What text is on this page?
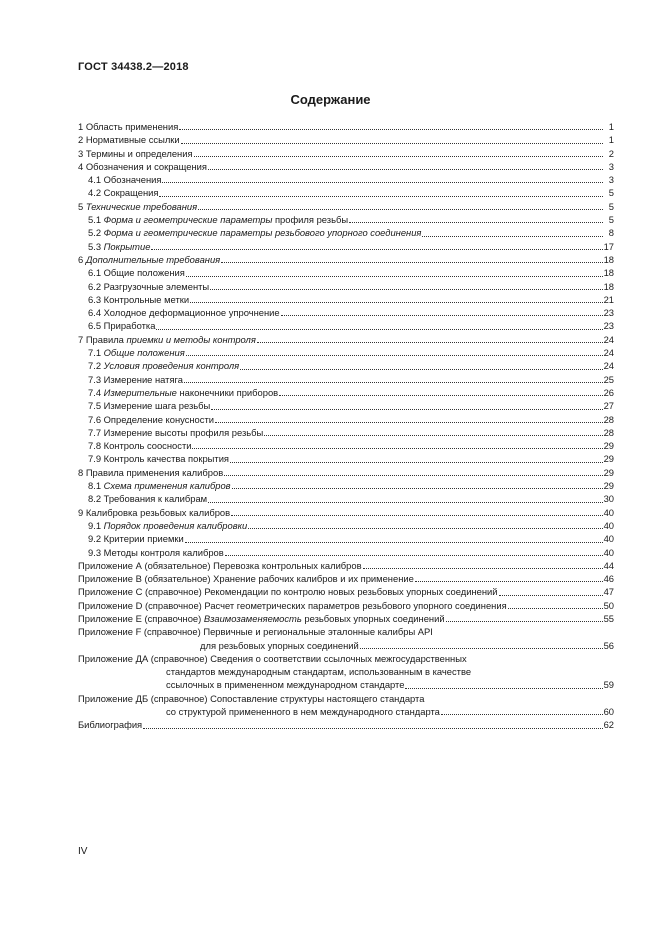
ГОСТ 34438.2—2018
Содержание
1 Область применения	1
2 Нормативные ссылки	1
3 Термины и определения	2
4 Обозначения и сокращения	3
4.1 Обозначения	3
4.2 Сокращения	5
5 Технические требования	5
5.1 Форма и геометрические параметры профиля резьбы	5
5.2 Форма и геометрические параметры резьбового упорного соединения	8
5.3 Покрытие	17
6 Дополнительные требования	18
6.1 Общие положения	18
6.2 Разгрузочные элементы	18
6.3 Контрольные метки	21
6.4 Холодное деформационное упрочнение	23
6.5 Приработка	23
7 Правила приемки и методы контроля	24
7.1 Общие положения	24
7.2 Условия проведения контроля	24
7.3 Измерение натяга	25
7.4 Измерительные наконечники приборов	26
7.5 Измерение шага резьбы	27
7.6 Определение конусности	28
7.7 Измерение высоты профиля резьбы	28
7.8 Контроль соосности	29
7.9 Контроль качества покрытия	29
8 Правила применения калибров	29
8.1 Схема применения калибров	29
8.2 Требования к калибрам	30
9 Калибровка резьбовых калибров	40
9.1 Порядок проведения калибровки	40
9.2 Критерии приемки	40
9.3 Методы контроля калибров	40
Приложение А (обязательное) Перевозка контрольных калибров	44
Приложение В (обязательное) Хранение рабочих калибров и их применение	46
Приложение С (справочное) Рекомендации по контролю новых резьбовых упорных соединений	47
Приложение D (справочное) Расчет геометрических параметров резьбового упорного соединения	50
Приложение Е (справочное) Взаимозаменяемость резьбовых упорных соединений	55
Приложение F (справочное) Первичные и региональные эталонные калибры API
для резьбовых упорных соединений	56
Приложение ДА (справочное) Сведения о соответствии ссылочных межгосударственных
стандартов международным стандартам, использованным в качестве
ссылочных в примененном международном стандарте	59
Приложение ДБ (справочное) Сопоставление структуры настоящего стандарта
со структурой примененного в нем международного стандарта	60
Библиография	62
IV
